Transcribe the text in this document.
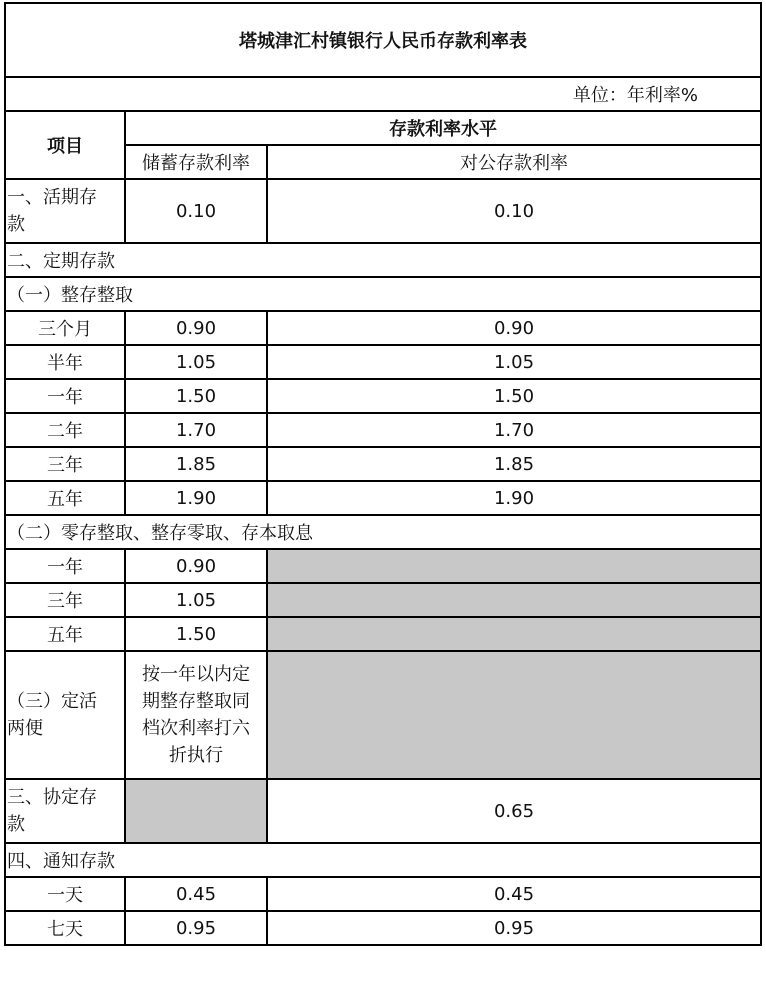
塔城津汇村镇银行人民币存款利率表		
单位：年利率%		
项目	存款利率水平	
	储蓄存款利率	对公存款利率
一、活期存
款	0.10	0.10
二、定期存款		
（一）整存整取		
三个月	0.90	0.90
半年	1.05	1.05
一年	1.50	1.50
二年	1.70	1.70
三年	1.85	1.85
五年	1.90	1.90
（二）零存整取、整存零取、存本取息		
一年	0.90	
三年	1.05	
五年	1.50	
（三）定活
两便	按一年以内定
期整存整取同
档次利率打六
折执行	
三、协定存
款		0.65
四、通知存款		
一天	0.45	0.45
七天	0.95	0.95
